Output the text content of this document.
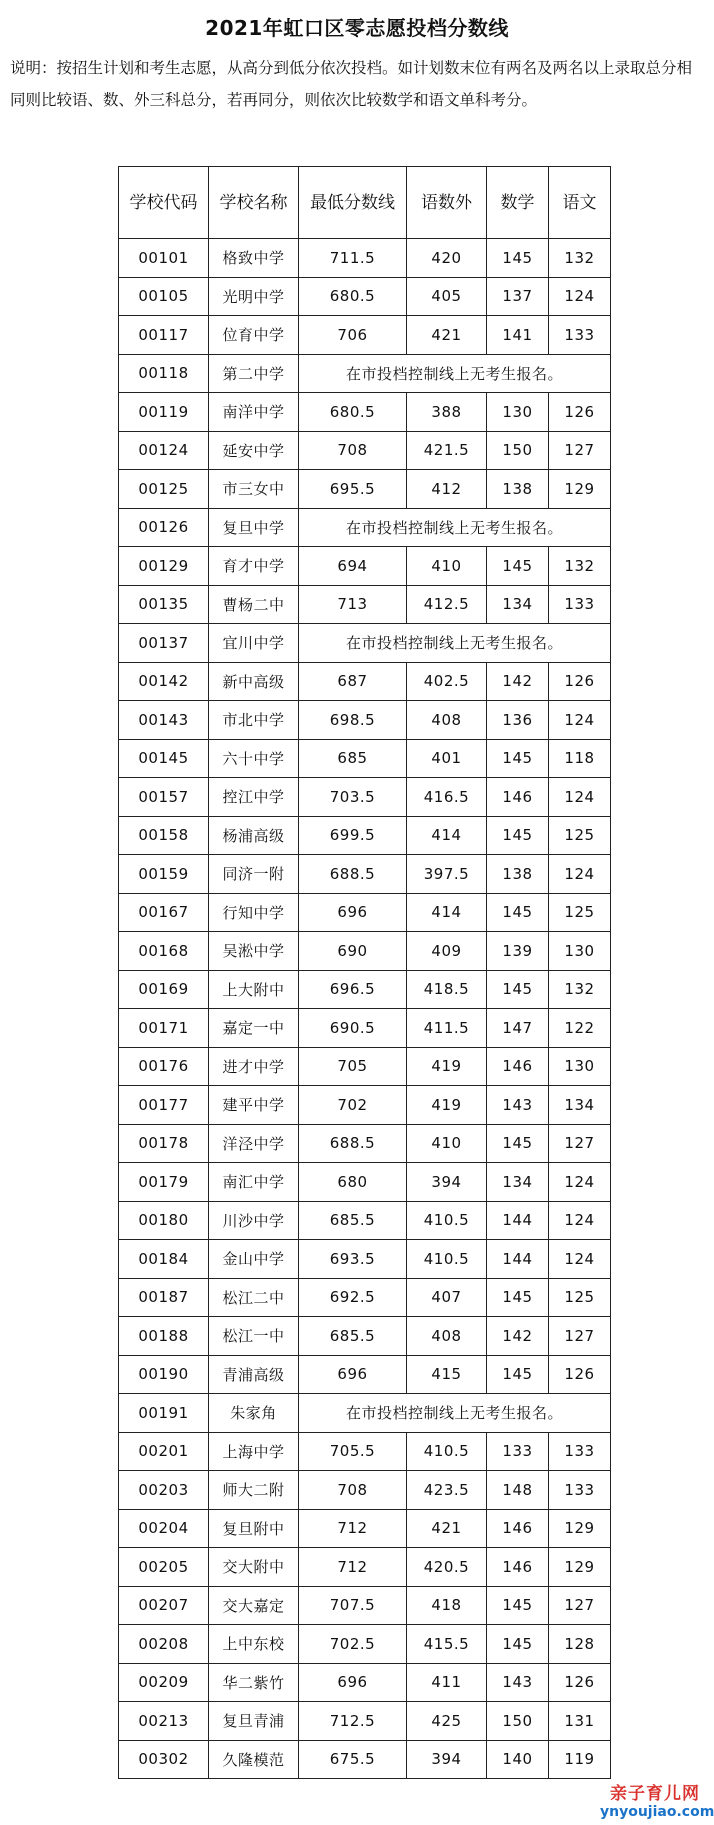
2021年虹口区零志愿投档分数线
说明：按招生计划和考生志愿，从高分到低分依次投档。如计划数末位有两名及两名以上录取总分相同则比较语、数、外三科总分，若再同分，则依次比较数学和语文单科考分。
学校代码	学校名称	最低分数线	语数外	数学	语文
00101	格致中学	711.5	420	145	132
00105	光明中学	680.5	405	137	124
00117	位育中学	706	421	141	133
00118	第二中学	在市投档控制线上无考生报名。			
00119	南洋中学	680.5	388	130	126
00124	延安中学	708	421.5	150	127
00125	市三女中	695.5	412	138	129
00126	复旦中学	在市投档控制线上无考生报名。			
00129	育才中学	694	410	145	132
00135	曹杨二中	713	412.5	134	133
00137	宜川中学	在市投档控制线上无考生报名。			
00142	新中高级	687	402.5	142	126
00143	市北中学	698.5	408	136	124
00145	六十中学	685	401	145	118
00157	控江中学	703.5	416.5	146	124
00158	杨浦高级	699.5	414	145	125
00159	同济一附	688.5	397.5	138	124
00167	行知中学	696	414	145	125
00168	吴淞中学	690	409	139	130
00169	上大附中	696.5	418.5	145	132
00171	嘉定一中	690.5	411.5	147	122
00176	进才中学	705	419	146	130
00177	建平中学	702	419	143	134
00178	洋泾中学	688.5	410	145	127
00179	南汇中学	680	394	134	124
00180	川沙中学	685.5	410.5	144	124
00184	金山中学	693.5	410.5	144	124
00187	松江二中	692.5	407	145	125
00188	松江一中	685.5	408	142	127
00190	青浦高级	696	415	145	126
00191	朱家角	在市投档控制线上无考生报名。			
00201	上海中学	705.5	410.5	133	133
00203	师大二附	708	423.5	148	133
00204	复旦附中	712	421	146	129
00205	交大附中	712	420.5	146	129
00207	交大嘉定	707.5	418	145	127
00208	上中东校	702.5	415.5	145	128
00209	华二紫竹	696	411	143	126
00213	复旦青浦	712.5	425	150	131
00302	久隆模范	675.5	394	140	119
亲子育儿网
ynyoujiao.com
